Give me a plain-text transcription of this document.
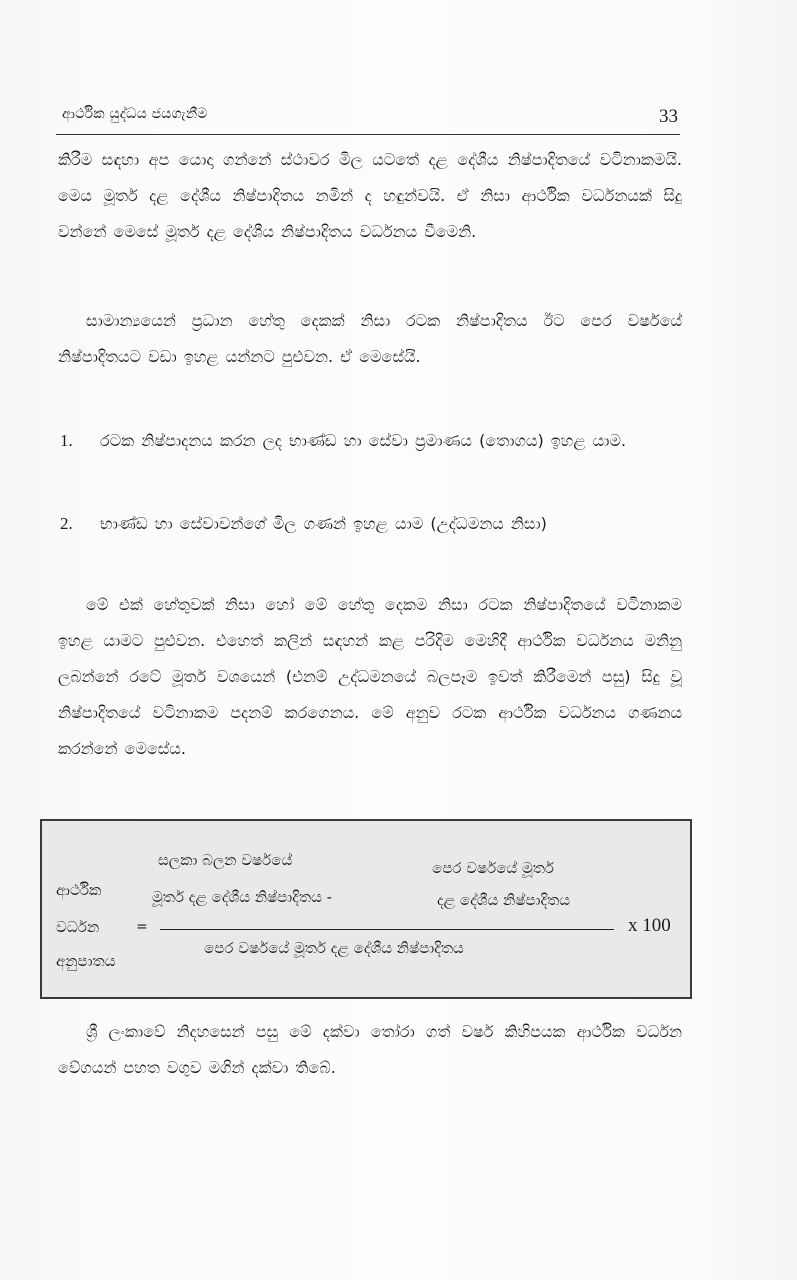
ආර්ථික යුද්ධය ජයගැනීම	33

කිරීම සඳහා අප යොදා ගන්නේ ස්ථාවර මිල යටතේ දළ දේශීය නිෂ්පාදිතයේ වටිනාකමයි. මෙය මූර්ත දළ දේශීය නිෂ්පාදිතය නමින් ද හඳුන්වයි. ඒ නිසා ආර්ථික වර්ධනයක් සිදු වන්නේ මෙසේ මූර්ත දළ දේශීය නිෂ්පාදිතය වර්ධනය වීමෙනි.

සාමාන්‍යයෙන් ප්‍රධාන හේතු දෙකක් නිසා රටක නිෂ්පාදිතය ඊට පෙර වර්ෂයේ නිෂ්පාදිතයට වඩා ඉහළ යන්නට පුළුවන. ඒ මෙසේයි.

1. රටක නිෂ්පාදනය කරන ලද භාණ්ඩ හා සේවා ප්‍රමාණය (තොගය) ඉහළ යාම.

2. භාණ්ඩ හා සේවාවන්ගේ මිල ගණන් ඉහළ යාම (උද්ධමනය නිසා)

මේ එක් හේතුවක් නිසා හෝ මේ හේතු දෙකම නිසා රටක නිෂ්පාදිතයේ වටිනාකම ඉහළ යාමට පුළුවන. එහෙත් කලින් සඳහන් කළ පරිදිම මෙහිදී ආර්ථික වර්ධනය මනිනු ලබන්නේ රටේ මූර්ත වශයෙන් (එනම් උද්ධමනයේ බලපෑම ඉවත් කිරීමෙන් පසු) සිදු වූ නිෂ්පාදිතයේ වටිනාකම පදනම් කරගෙනය. මේ අනුව රටක ආර්ථික වර්ධනය ගණනය කරන්නේ මෙසේය.

ආර්ථික
වර්ධන
අනුපාතය
=
සලකා බලන වර්ෂයේ
මූර්ත දළ දේශීය නිෂ්පාදිතය -
පෙර වර්ෂයේ මූර්ත
දළ දේශීය නිෂ්පාදිතය
x 100
පෙර වර්ෂයේ මූර්ත දළ දේශීය නිෂ්පාදිතය

ශ්‍රී ලංකාවේ නිදහසෙන් පසු මේ දක්වා තෝරා ගත් වර්ෂ කිහිපයක ආර්ථික වර්ධන වේගයන් පහත වගුව මගින් දක්වා තිබේ.
